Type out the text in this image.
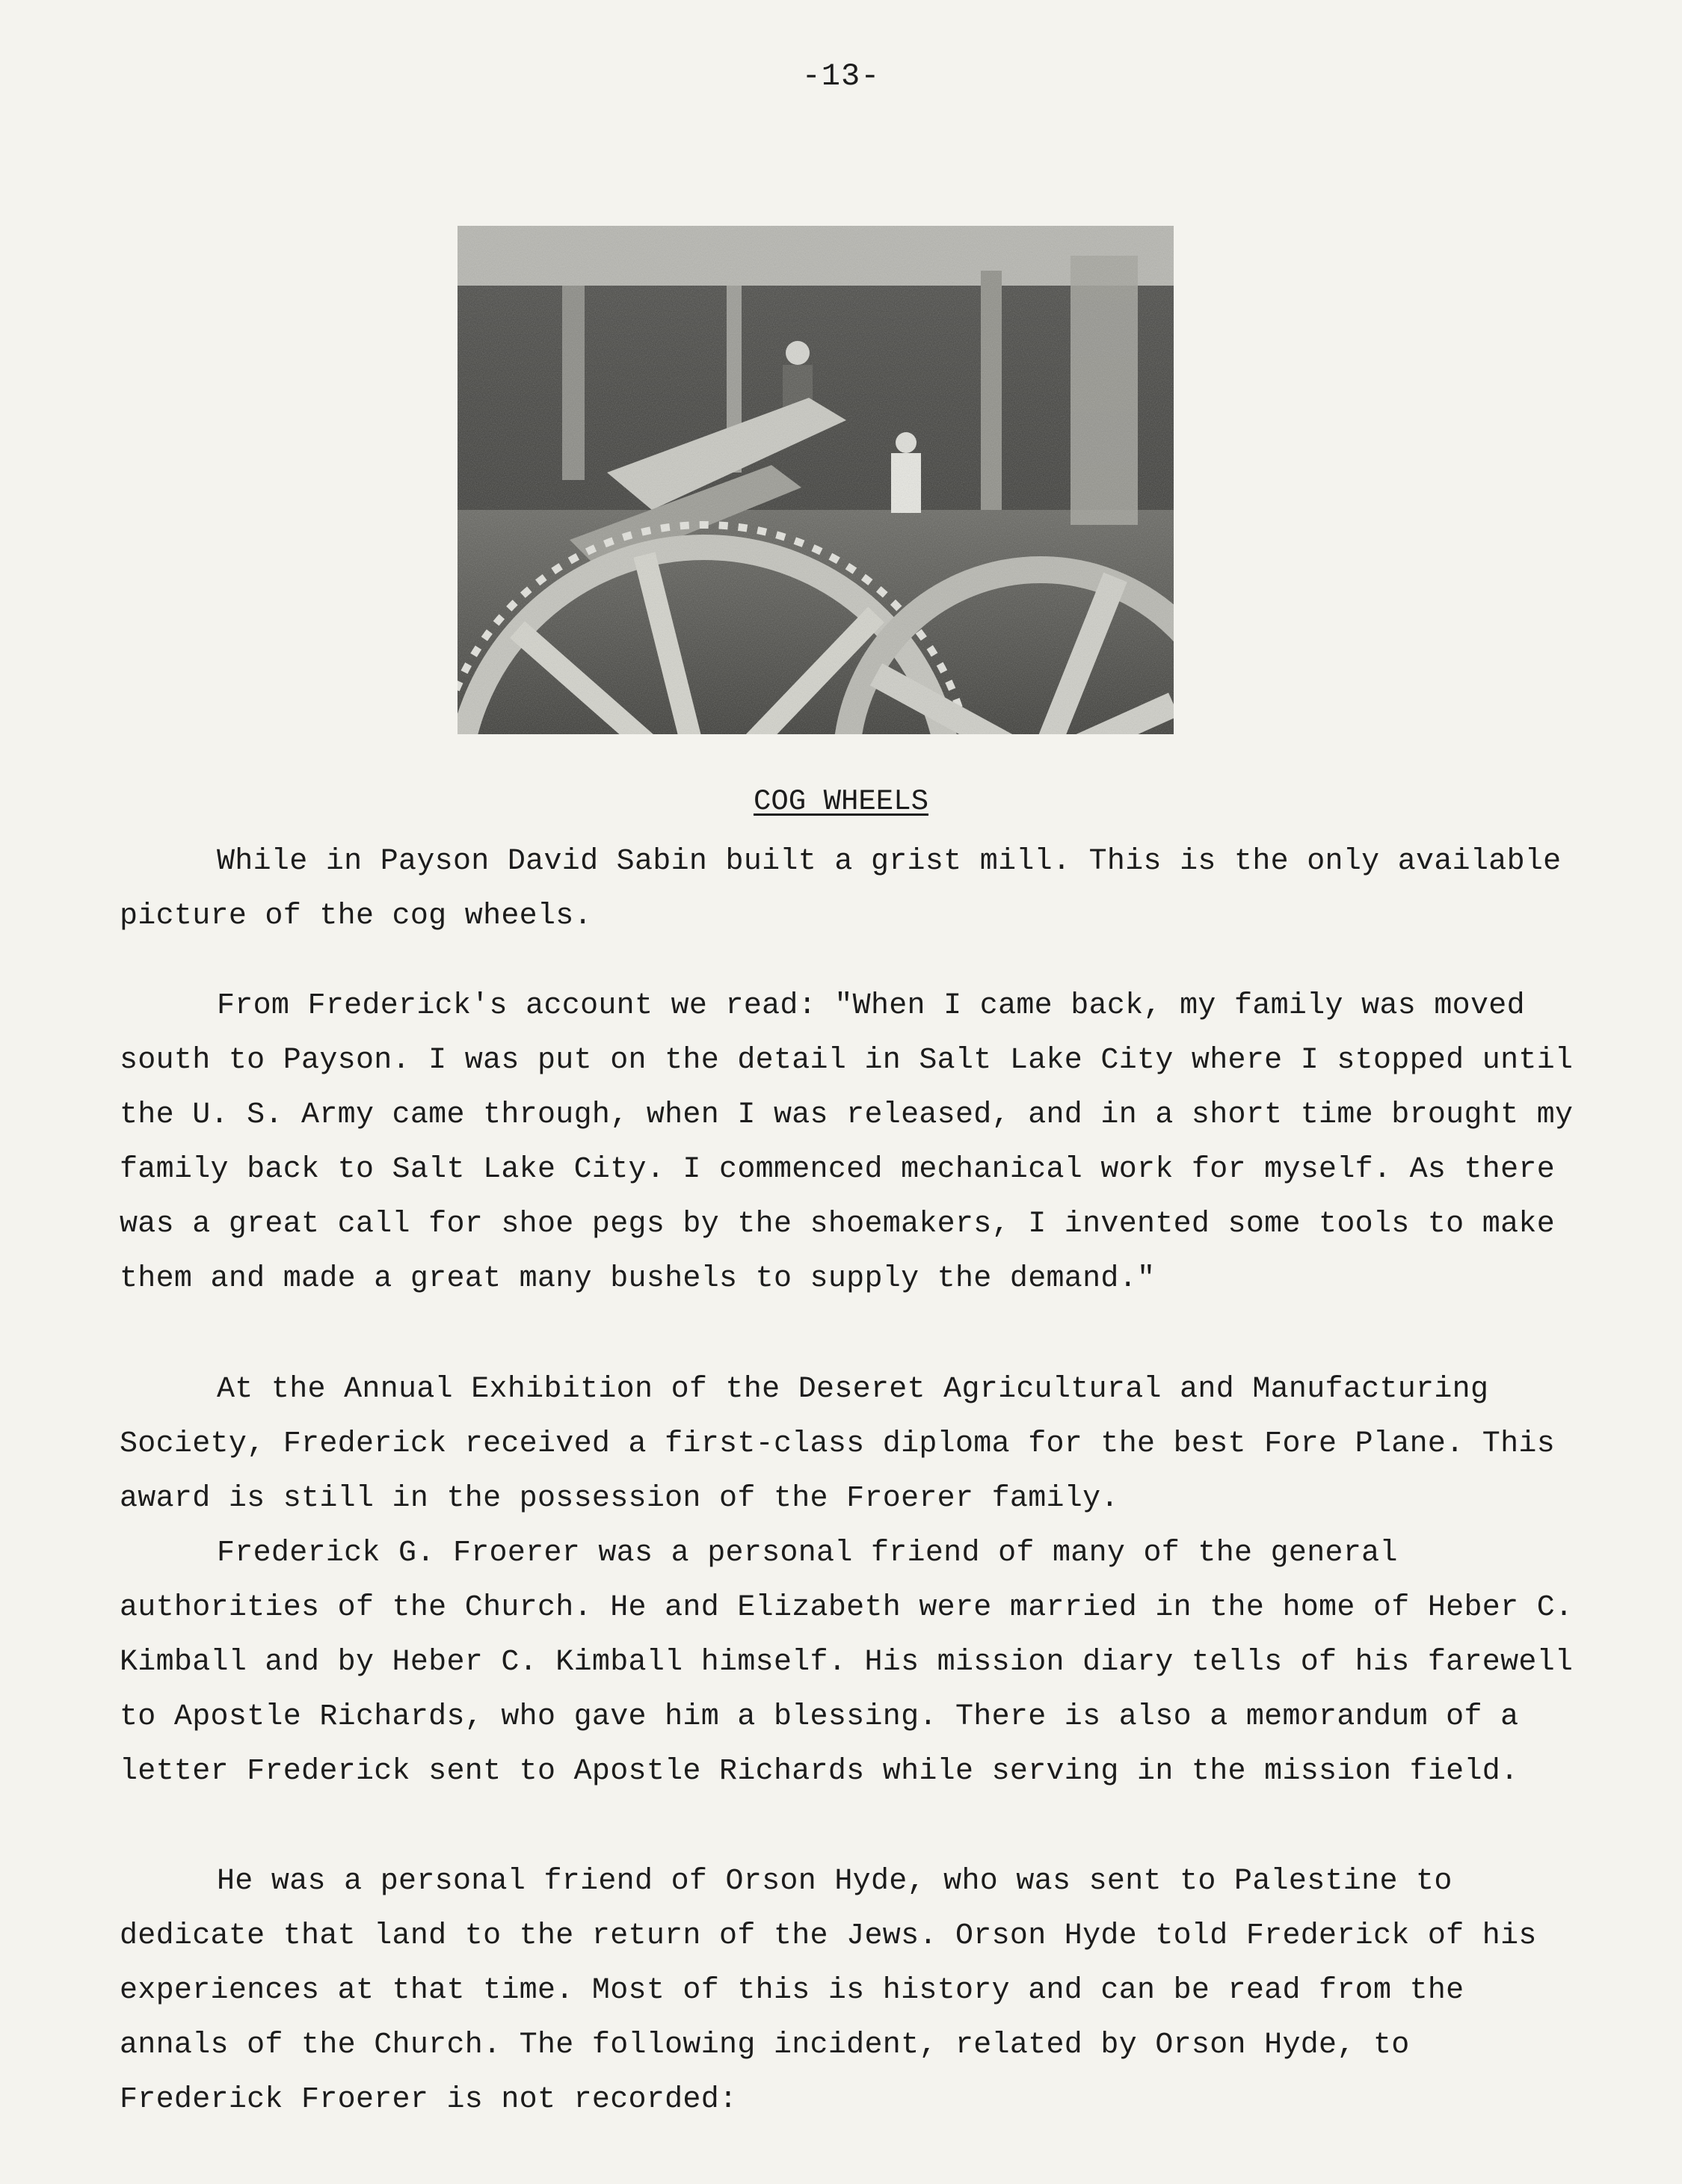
-13-
COG WHEELS

While in Payson David Sabin built a grist mill. This is the only available picture of the cog wheels.

From Frederick's account we read: "When I came back, my family was moved south to Payson. I was put on the detail in Salt Lake City where I stopped until the U. S. Army came through, when I was released, and in a short time brought my family back to Salt Lake City. I commenced mechanical work for myself. As there was a great call for shoe pegs by the shoemakers, I invented some tools to make them and made a great many bushels to supply the demand."

At the Annual Exhibition of the Deseret Agricultural and Manufacturing Society, Frederick received a first-class diploma for the best Fore Plane. This award is still in the possession of the Froerer family.

Frederick G. Froerer was a personal friend of many of the general authorities of the Church. He and Elizabeth were married in the home of Heber C. Kimball and by Heber C. Kimball himself. His mission diary tells of his farewell to Apostle Richards, who gave him a blessing. There is also a memorandum of a letter Frederick sent to Apostle Richards while serving in the mission field.

He was a personal friend of Orson Hyde, who was sent to Palestine to dedicate that land to the return of the Jews. Orson Hyde told Frederick of his experiences at that time. Most of this is history and can be read from the annals of the Church. The following incident, related by Orson Hyde, to Frederick Froerer is not recorded:
